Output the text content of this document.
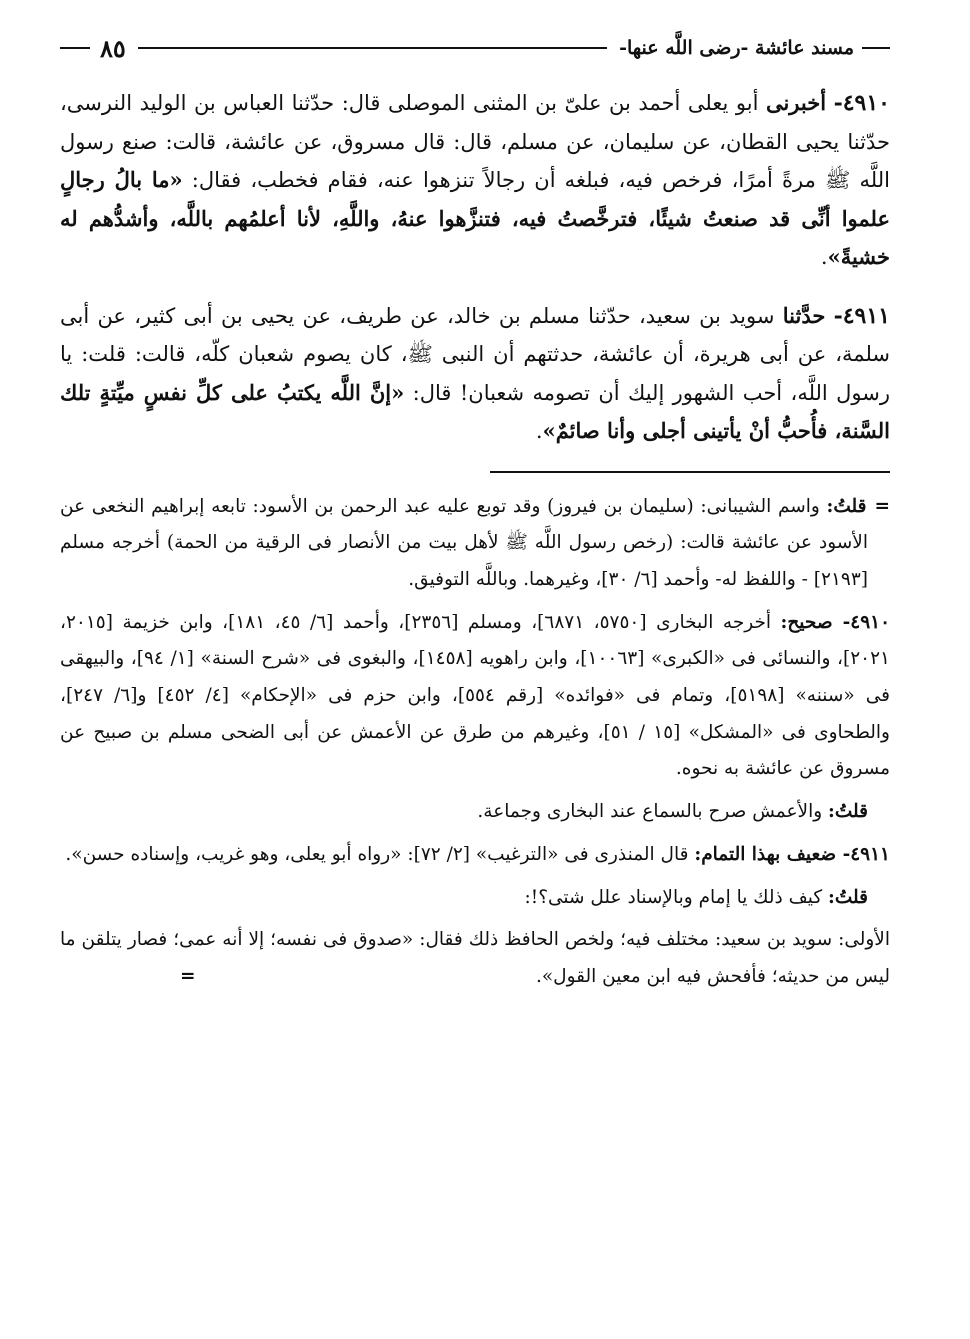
مسند عائشة -رضى اللَّه عنها-
٨٥

٤٩١٠- أخبرنى أبو يعلى أحمد بن علىّ بن المثنى الموصلى قال: حدّثنا العباس بن الوليد النرسى، حدّثنا يحيى القطان، عن سليمان، عن مسلم، قال: قال مسروق، عن عائشة، قالت: صنع رسول اللَّه ﷺ مرةً أمرًا، فرخص فيه، فبلغه أن رجالاً تنزهوا عنه، فقام فخطب، فقال: «ما بالُ رجالٍ علموا أنِّى قد صنعتُ شيئًا، فترخَّصتُ فيه، فتنزَّهوا عنهُ، واللَّهِ، لأنا أعلمُهم باللَّه، وأشدُّهم له خشيةً».

٤٩١١- حدَّثنا سويد بن سعيد، حدّثنا مسلم بن خالد، عن طريف، عن يحيى بن أبى كثير، عن أبى سلمة، عن أبى هريرة، أن عائشة، حدثتهم أن النبى ﷺ، كان يصوم شعبان كلّه، قالت: قلت: يا رسول اللَّه، أحب الشهور إليك أن تصومه شعبان! قال: «إنَّ اللَّه يكتبُ على كلِّ نفسٍ ميِّتةٍ تلك السَّنة، فأُحبُّ أنْ يأتينى أجلى وأنا صائمٌ».

=قلتُ: واسم الشيبانى: (سليمان بن فيروز) وقد توبع عليه عبد الرحمن بن الأسود: تابعه إبراهيم النخعى عن الأسود عن عائشة قالت: (رخص رسول اللَّه ﷺ لأهل بيت من الأنصار فى الرقية من الحمة) أخرجه مسلم [٢١٩٣] - واللفظ له- وأحمد [٦/ ٣٠]، وغيرهما. وباللَّه التوفيق.

٤٩١٠- صحيح: أخرجه البخارى [٥٧٥٠، ٦٨٧١]، ومسلم [٢٣٥٦]، وأحمد [٦/ ٤٥، ١٨١]، وابن خزيمة [٢٠١٥، ٢٠٢١]، والنسائى فى «الكبرى» [١٠٠٦٣]، وابن راهويه [١٤٥٨]، والبغوى فى «شرح السنة» [١/ ٩٤]، والبيهقى فى «سننه» [٥١٩٨]، وتمام فى «فوائده» [رقم ٥٥٤]، وابن حزم فى «الإحكام» [٤/ ٤٥٢] و[٦/ ٢٤٧]، والطحاوى فى «المشكل» [١٥ / ٥١]، وغيرهم من طرق عن الأعمش عن أبى الضحى مسلم بن صبيح عن مسروق عن عائشة به نحوه.

قلتُ: والأعمش صرح بالسماع عند البخارى وجماعة.

٤٩١١- ضعيف بهذا التمام: قال المنذرى فى «الترغيب» [٢/ ٧٢]: «رواه أبو يعلى، وهو غريب، وإسناده حسن».

قلتُ: كيف ذلك يا إمام وبالإسناد علل شتى؟!:

الأولى: سويد بن سعيد: مختلف فيه؛ ولخص الحافظ ذلك فقال: «صدوق فى نفسه؛ إلا أنه عمى؛ فصار يتلقن ما ليس من حديثه؛ فأفحش فيه ابن معين القول».
=
